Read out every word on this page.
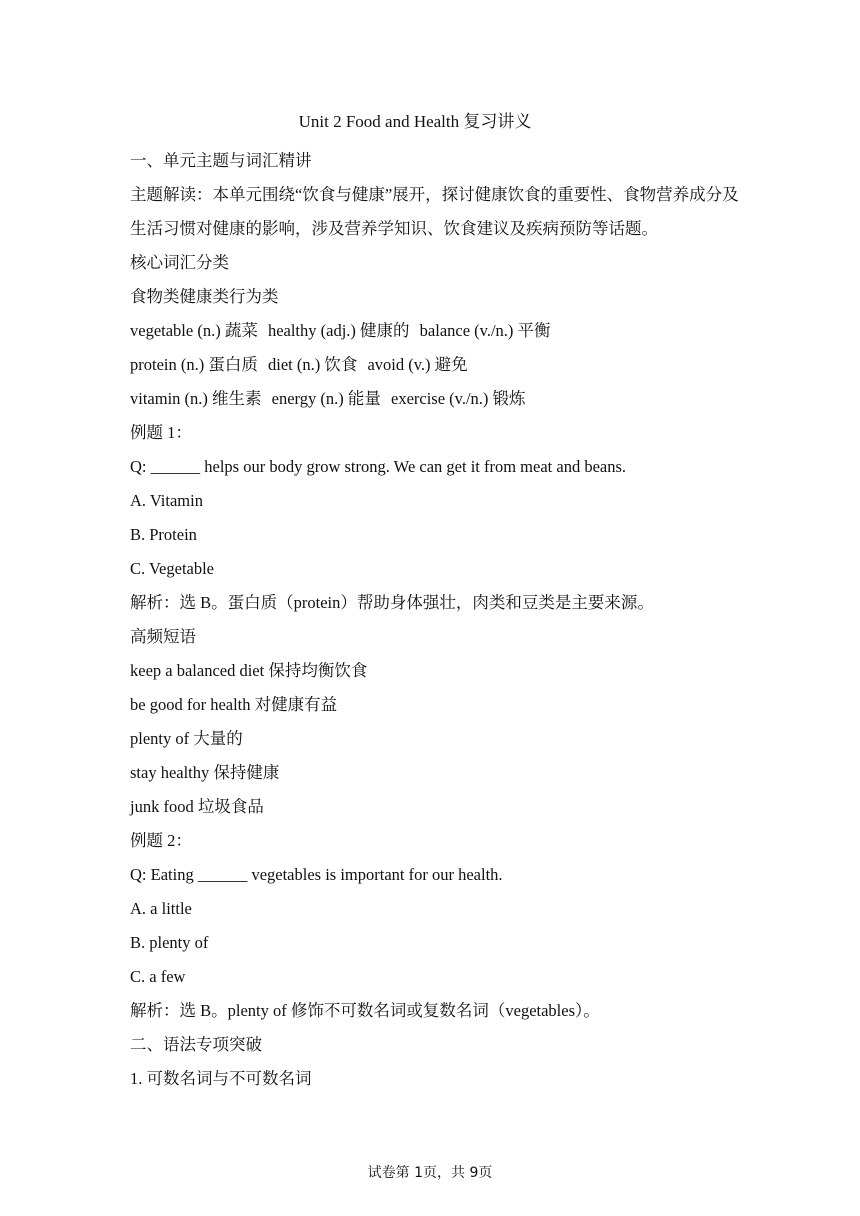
Unit 2 Food and Health 复习讲义

一、单元主题与词汇精讲

主题解读：本单元围绕“饮食与健康”展开，探讨健康饮食的重要性、食物营养成分及生活习惯对健康的影响，涉及营养学知识、饮食建议及疾病预防等话题。

核心词汇分类

食物类健康类行为类

vegetable (n.) 蔬菜 healthy (adj.) 健康的 balance (v./n.) 平衡

protein (n.) 蛋白质 diet (n.) 饮食 avoid (v.) 避免

vitamin (n.) 维生素 energy (n.) 能量 exercise (v./n.) 锻炼

例题 1：

Q: ______ helps our body grow strong. We can get it from meat and beans.

A. Vitamin

B. Protein

C. Vegetable

解析：选 B。蛋白质（protein）帮助身体强壮，肉类和豆类是主要来源。

高频短语

keep a balanced diet 保持均衡饮食

be good for health 对健康有益

plenty of 大量的

stay healthy 保持健康

junk food 垃圾食品

例题 2：

Q: Eating ______ vegetables is important for our health.

A. a little

B. plenty of

C. a few

解析：选 B。plenty of 修饰不可数名词或复数名词（vegetables）。

二、语法专项突破

1. 可数名词与不可数名词

试卷第 1页，共 9页
